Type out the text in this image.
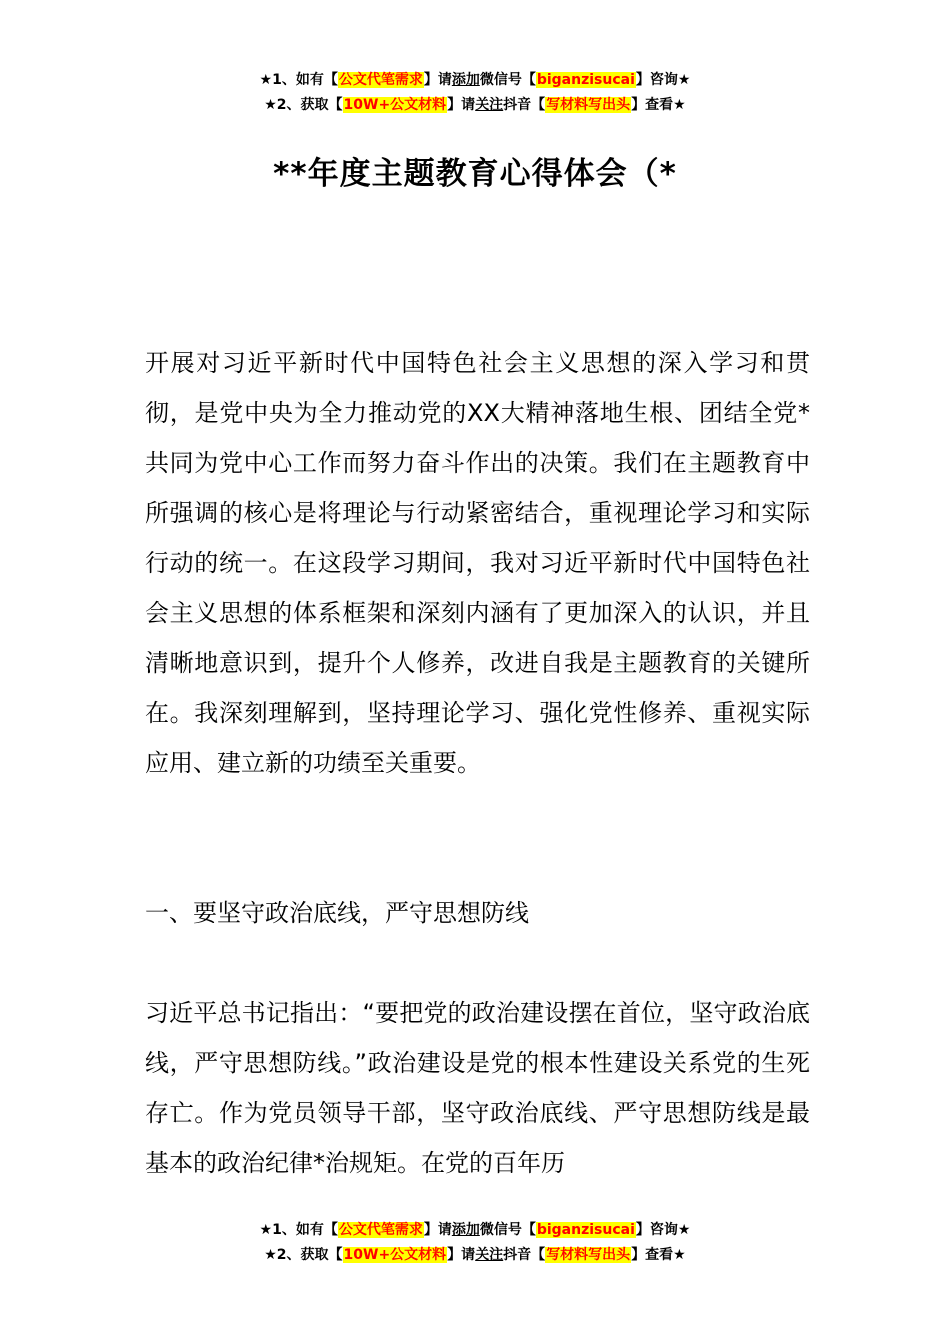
★1、如有【公文代笔需求】请添加微信号【biganzisucai】咨询★
★2、获取【10W+公文材料】请关注抖音【写材料写出头】查看★
**年度主题教育心得体会（*
开展对习近平新时代中国特色社会主义思想的深入学习和贯彻，是党中央为全力推动党的XX大精神落地生根、团结全党*共同为党中心工作而努力奋斗作出的决策。我们在主题教育中所强调的核心是将理论与行动紧密结合，重视理论学习和实际行动的统一。在这段学习期间，我对习近平新时代中国特色社会主义思想的体系框架和深刻内涵有了更加深入的认识，并且清晰地意识到，提升个人修养，改进自我是主题教育的关键所在。我深刻理解到，坚持理论学习、强化党性修养、重视实际应用、建立新的功绩至关重要。
一、要坚守政治底线，严守思想防线
习近平总书记指出：“要把党的政治建设摆在首位，坚守政治底线，严守思想防线。”政治建设是党的根本性建设关系党的生死存亡。作为党员领导干部，坚守政治底线、严守思想防线是最基本的政治纪律*治规矩。在党的百年历
★1、如有【公文代笔需求】请添加微信号【biganzisucai】咨询★
★2、获取【10W+公文材料】请关注抖音【写材料写出头】查看★
